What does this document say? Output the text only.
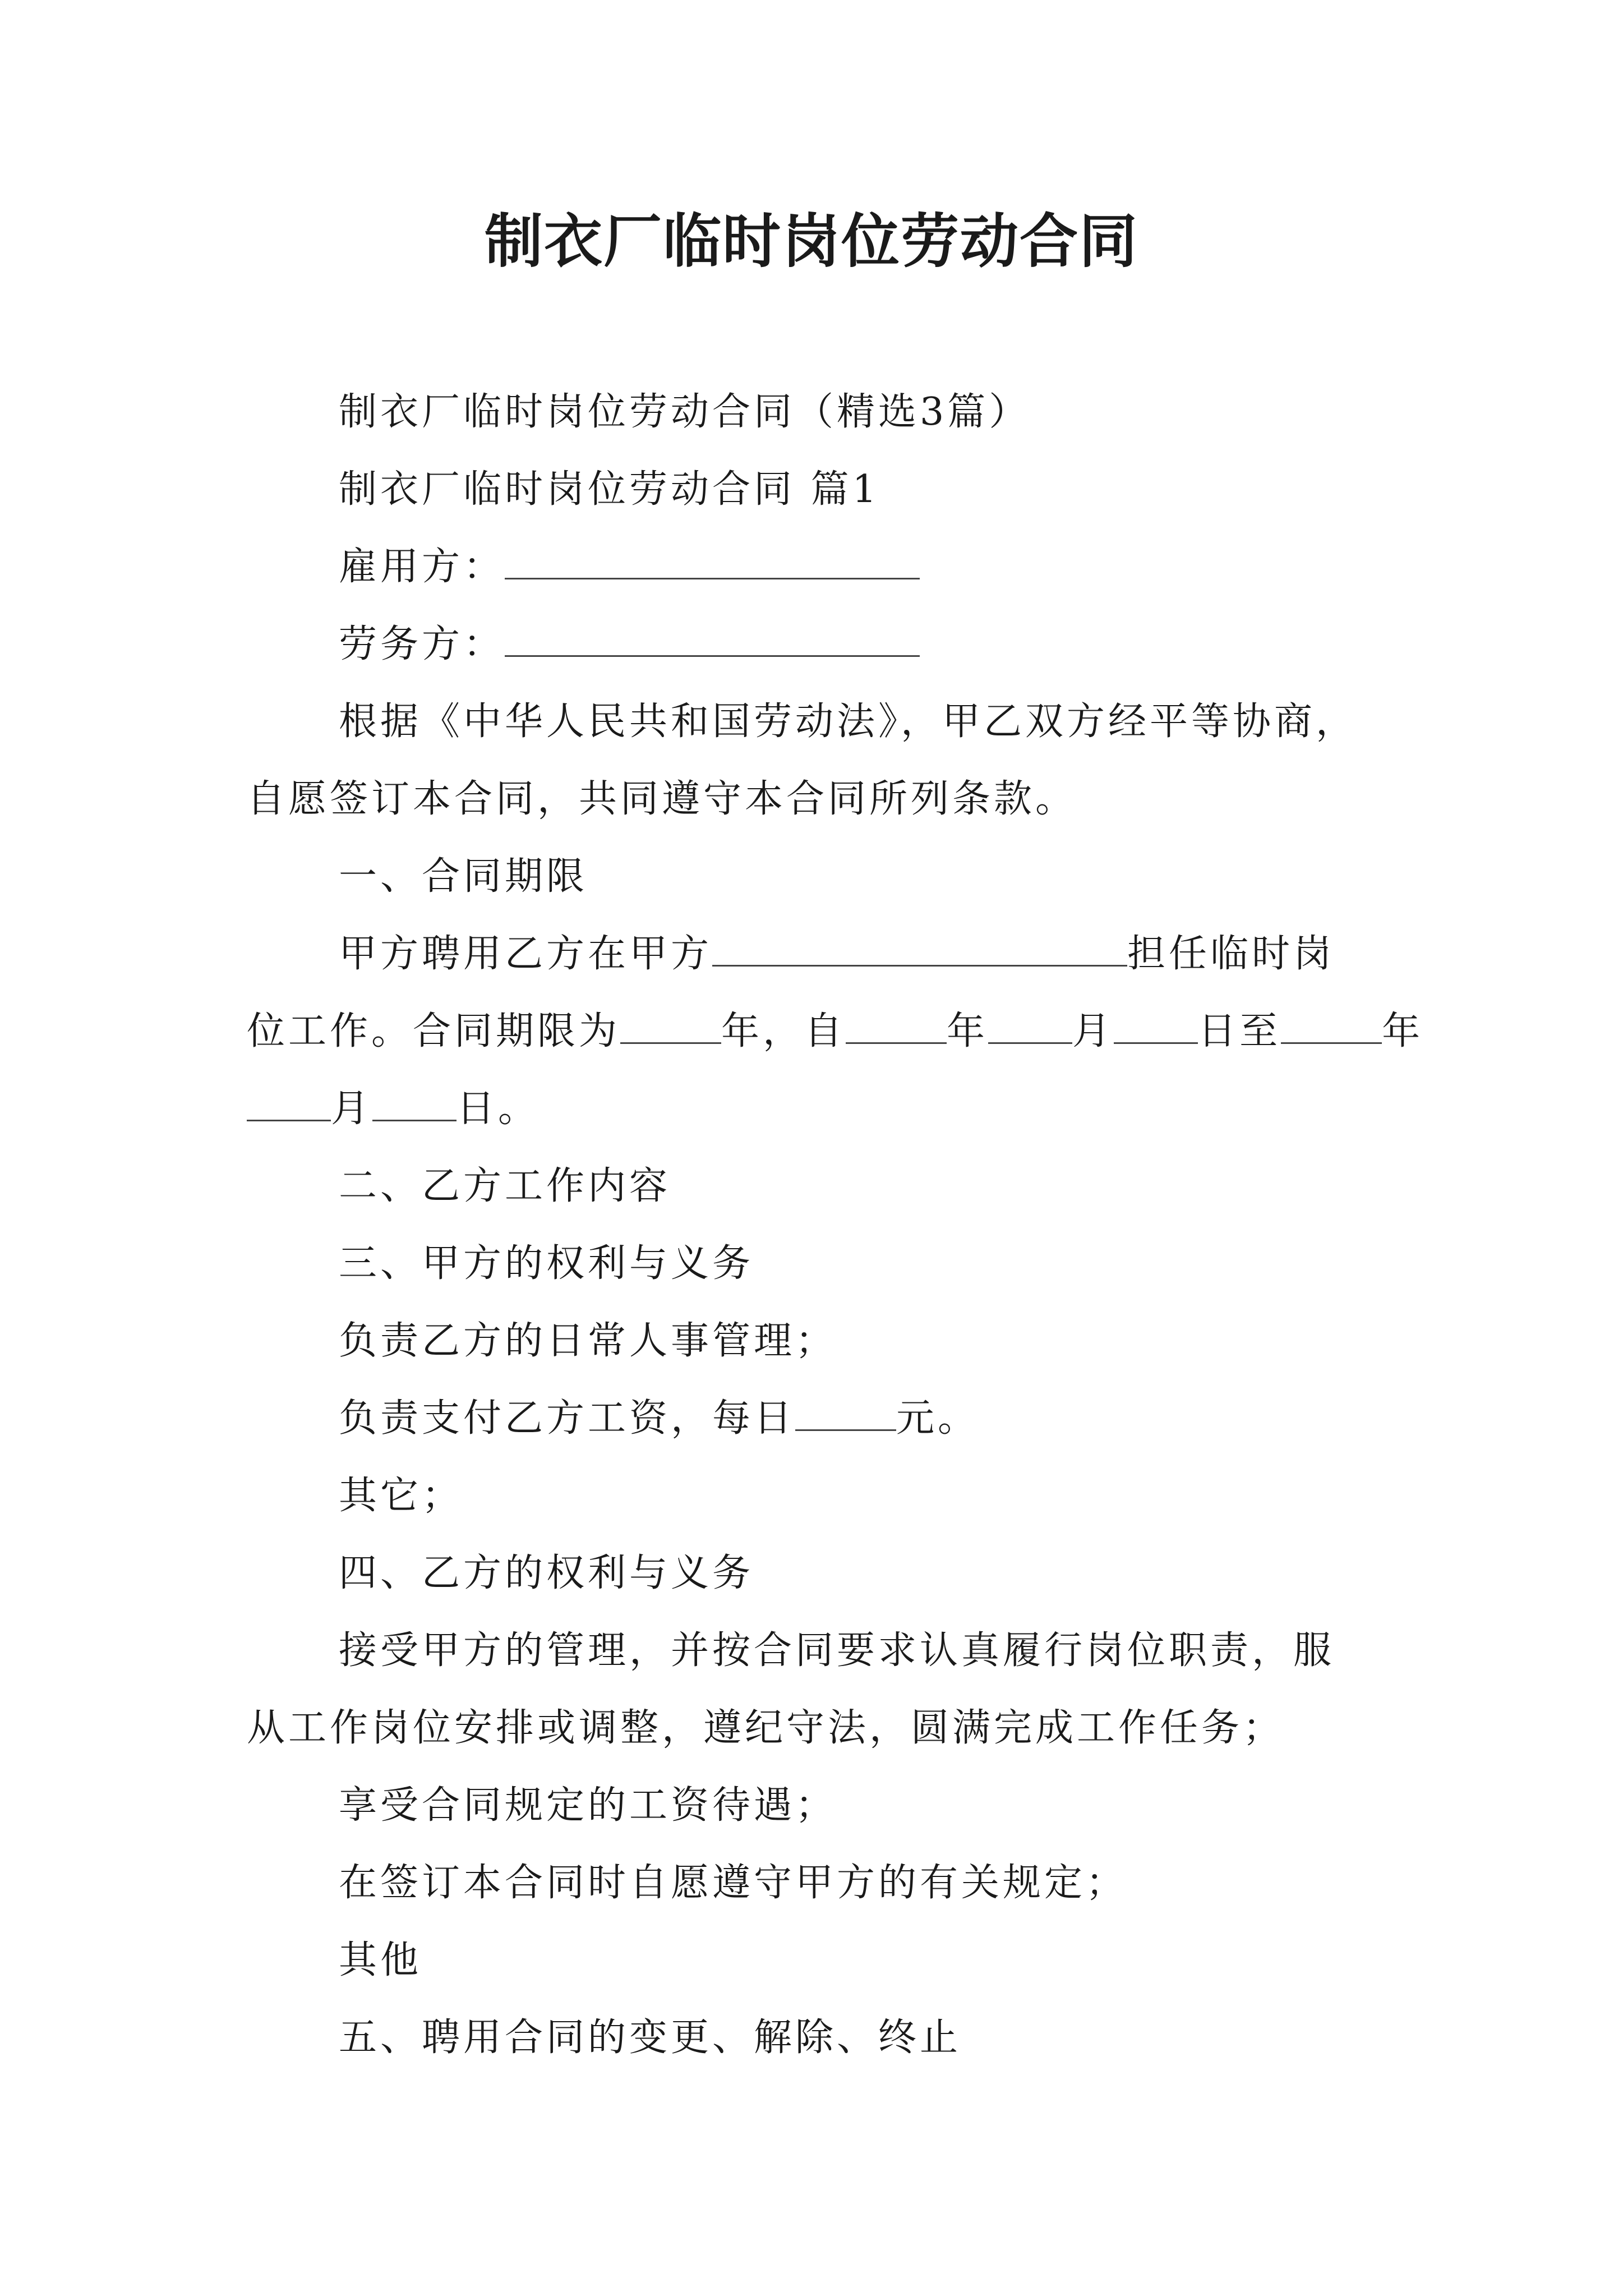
制衣厂临时岗位劳动合同
制衣厂临时岗位劳动合同（精选3篇）
制衣厂临时岗位劳动合同 篇1
雇用方：
劳务方：
根据《中华人民共和国劳动法》，甲乙双方经平等协商，
自愿签订本合同，共同遵守本合同所列条款。
一、合同期限
甲方聘用乙方在甲方	担任临时岗
位工作。合同期限为	年，自	年 月 日至	年
月 日。
二、乙方工作内容
三、甲方的权利与义务
负责乙方的日常人事管理；
负责支付乙方工资，每日	元。
其它；
四、乙方的权利与义务
接受甲方的管理，并按合同要求认真履行岗位职责，服
从工作岗位安排或调整，遵纪守法，圆满完成工作任务；
享受合同规定的工资待遇；
在签订本合同时自愿遵守甲方的有关规定；
其他
五、聘用合同的变更、解除、终止
